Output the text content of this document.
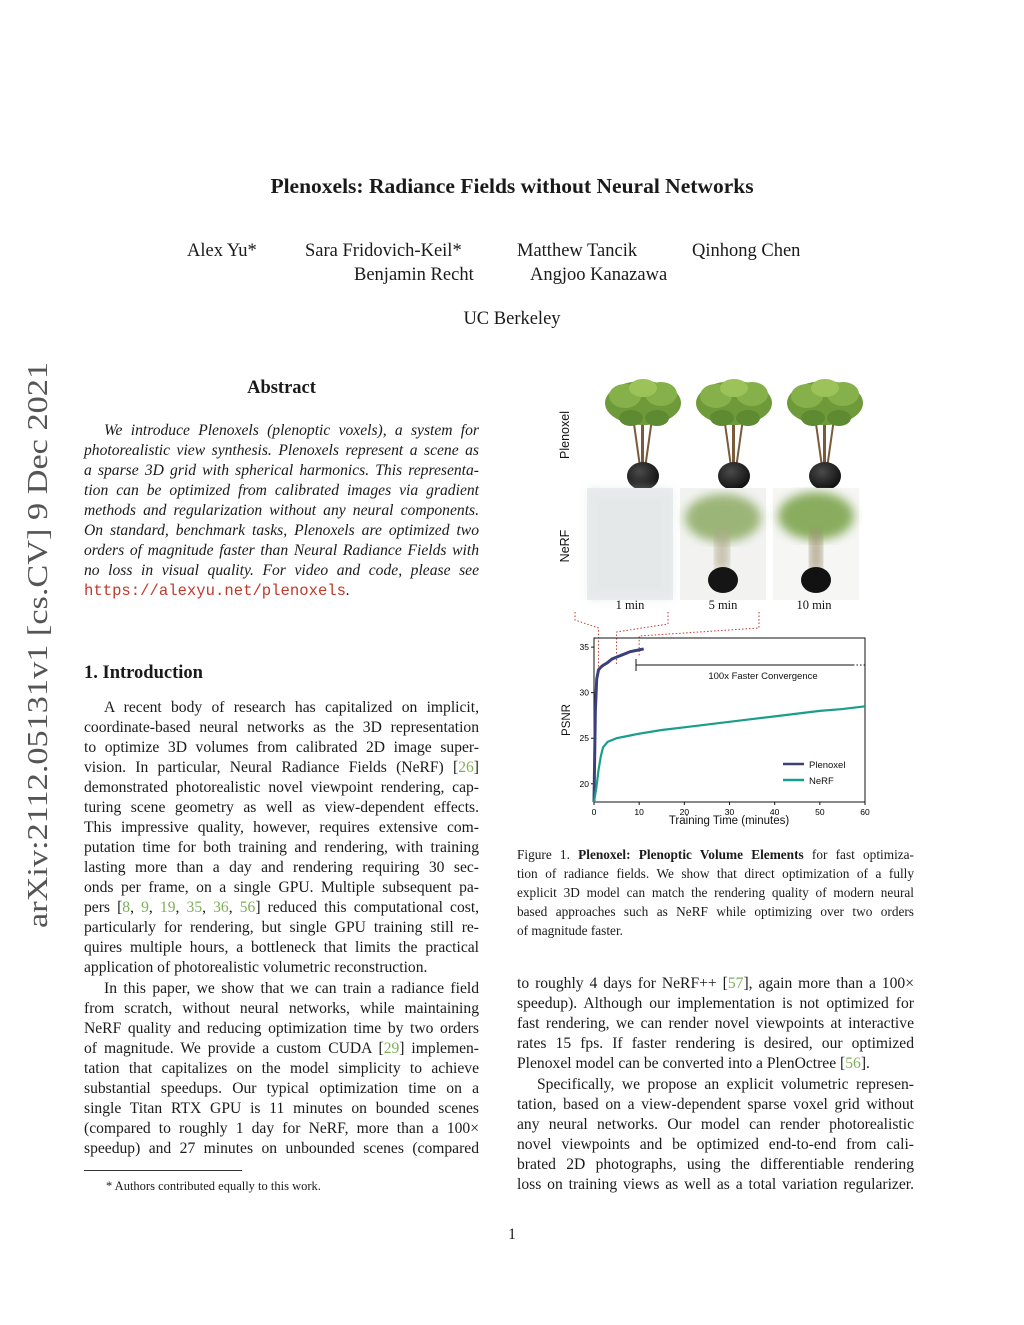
Plenoxels: Radiance Fields without Neural Networks
Alex Yu*	Sara Fridovich-Keil*	Matthew Tancik	Qinhong Chen
Benjamin Recht	Angjoo Kanazawa
UC Berkeley
arXiv:2112.05131v1 [cs.CV] 9 Dec 2021
Abstract
We introduce Plenoxels (plenoptic voxels), a system for
photorealistic view synthesis. Plenoxels represent a scene as
a sparse 3D grid with spherical harmonics. This representa-
tion can be optimized from calibrated images via gradient
methods and regularization without any neural components.
On standard, benchmark tasks, Plenoxels are optimized two
orders of magnitude faster than Neural Radiance Fields with
no loss in visual quality. For video and code, please see
https://alexyu.net/plenoxels.
1. Introduction
A recent body of research has capitalized on implicit,
coordinate-based neural networks as the 3D representation
to optimize 3D volumes from calibrated 2D image super-
vision. In particular, Neural Radiance Fields (NeRF) [26]
demonstrated photorealistic novel viewpoint rendering, cap-
turing scene geometry as well as view-dependent effects.
This impressive quality, however, requires extensive com-
putation time for both training and rendering, with training
lasting more than a day and rendering requiring 30 sec-
onds per frame, on a single GPU. Multiple subsequent pa-
pers [8, 9, 19, 35, 36, 56] reduced this computational cost,
particularly for rendering, but single GPU training still re-
quires multiple hours, a bottleneck that limits the practical
application of photorealistic volumetric reconstruction.
In this paper, we show that we can train a radiance field
from scratch, without neural networks, while maintaining
NeRF quality and reducing optimization time by two orders
of magnitude. We provide a custom CUDA [29] implemen-
tation that capitalizes on the model simplicity to achieve
substantial speedups. Our typical optimization time on a
single Titan RTX GPU is 11 minutes on bounded scenes
(compared to roughly 1 day for NeRF, more than a 100×
speedup) and 27 minutes on unbounded scenes (compared
* Authors contributed equally to this work.
Plenoxel
NeRF
1 min	5 min	10 min
0	10	20	30	40	50	60
20
25
30
35
100x Faster Convergence
PSNR
Training Time (minutes)
Plenoxel
NeRF
Figure 1. Plenoxel: Plenoptic Volume Elements for fast optimiza-
tion of radiance fields. We show that direct optimization of a fully
explicit 3D model can match the rendering quality of modern neural
based approaches such as NeRF while optimizing over two orders
of magnitude faster.
to roughly 4 days for NeRF++ [57], again more than a 100×
speedup). Although our implementation is not optimized for
fast rendering, we can render novel viewpoints at interactive
rates 15 fps. If faster rendering is desired, our optimized
Plenoxel model can be converted into a PlenOctree [56].
Specifically, we propose an explicit volumetric represen-
tation, based on a view-dependent sparse voxel grid without
any neural networks. Our model can render photorealistic
novel viewpoints and be optimized end-to-end from cali-
brated 2D photographs, using the differentiable rendering
loss on training views as well as a total variation regularizer.
1
